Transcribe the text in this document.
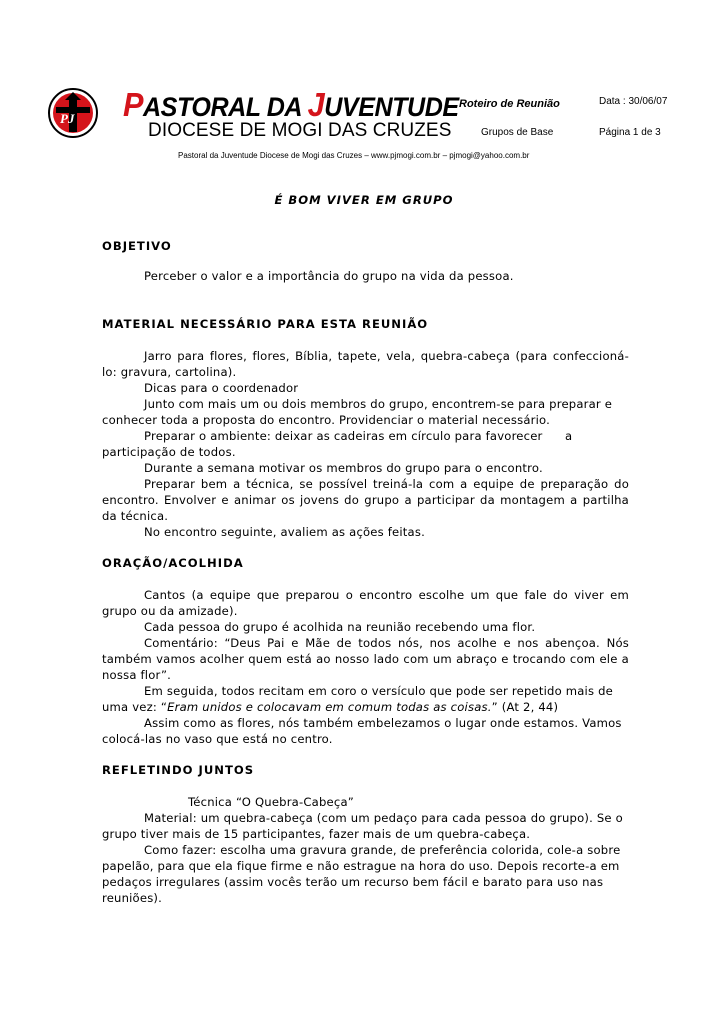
PJ PASTORAL DA JUVENTUDE
DIOCESE DE MOGI DAS CRUZES
Roteiro de Reunião
Grupos de Base
Data : 30/06/07
Página 1 de 3
Pastoral da Juventude Diocese de Mogi das Cruzes – www.pjmogi.com.br – pjmogi@yahoo.com.br
É BOM VIVER EM GRUPO
OBJETIVO
Perceber o valor e a importância do grupo na vida da pessoa.
MATERIAL NECESSÁRIO PARA ESTA REUNIÃO
Jarro para flores, flores, Bíblia, tapete, vela, quebra-cabeça (para confeccioná-
lo: gravura, cartolina).
Dicas para o coordenador
Junto com mais um ou dois membros do grupo, encontrem-se para preparar e
conhecer toda a proposta do encontro. Providenciar o material necessário.
Preparar o ambiente: deixar as cadeiras em círculo para favorecer a
participação de todos.
Durante a semana motivar os membros do grupo para o encontro.
Preparar bem a técnica, se possível treiná-la com a equipe de preparação do
encontro. Envolver e animar os jovens do grupo a participar da montagem a partilha
da técnica.
No encontro seguinte, avaliem as ações feitas.
ORAÇÃO/ACOLHIDA
Cantos (a equipe que preparou o encontro escolhe um que fale do viver em
grupo ou da amizade).
Cada pessoa do grupo é acolhida na reunião recebendo uma flor.
Comentário: “Deus Pai e Mãe de todos nós, nos acolhe e nos abençoa. Nós
também vamos acolher quem está ao nosso lado com um abraço e trocando com ele a
nossa flor”.
Em seguida, todos recitam em coro o versículo que pode ser repetido mais de
uma vez: “Eram unidos e colocavam em comum todas as coisas.” (At 2, 44)
Assim como as flores, nós também embelezamos o lugar onde estamos. Vamos
colocá-las no vaso que está no centro.
REFLETINDO JUNTOS
Técnica “O Quebra-Cabeça”
Material: um quebra-cabeça (com um pedaço para cada pessoa do grupo). Se o
grupo tiver mais de 15 participantes, fazer mais de um quebra-cabeça.
Como fazer: escolha uma gravura grande, de preferência colorida, cole-a sobre
papelão, para que ela fique firme e não estrague na hora do uso. Depois recorte-a em
pedaços irregulares (assim vocês terão um recurso bem fácil e barato para uso nas
reuniões).
